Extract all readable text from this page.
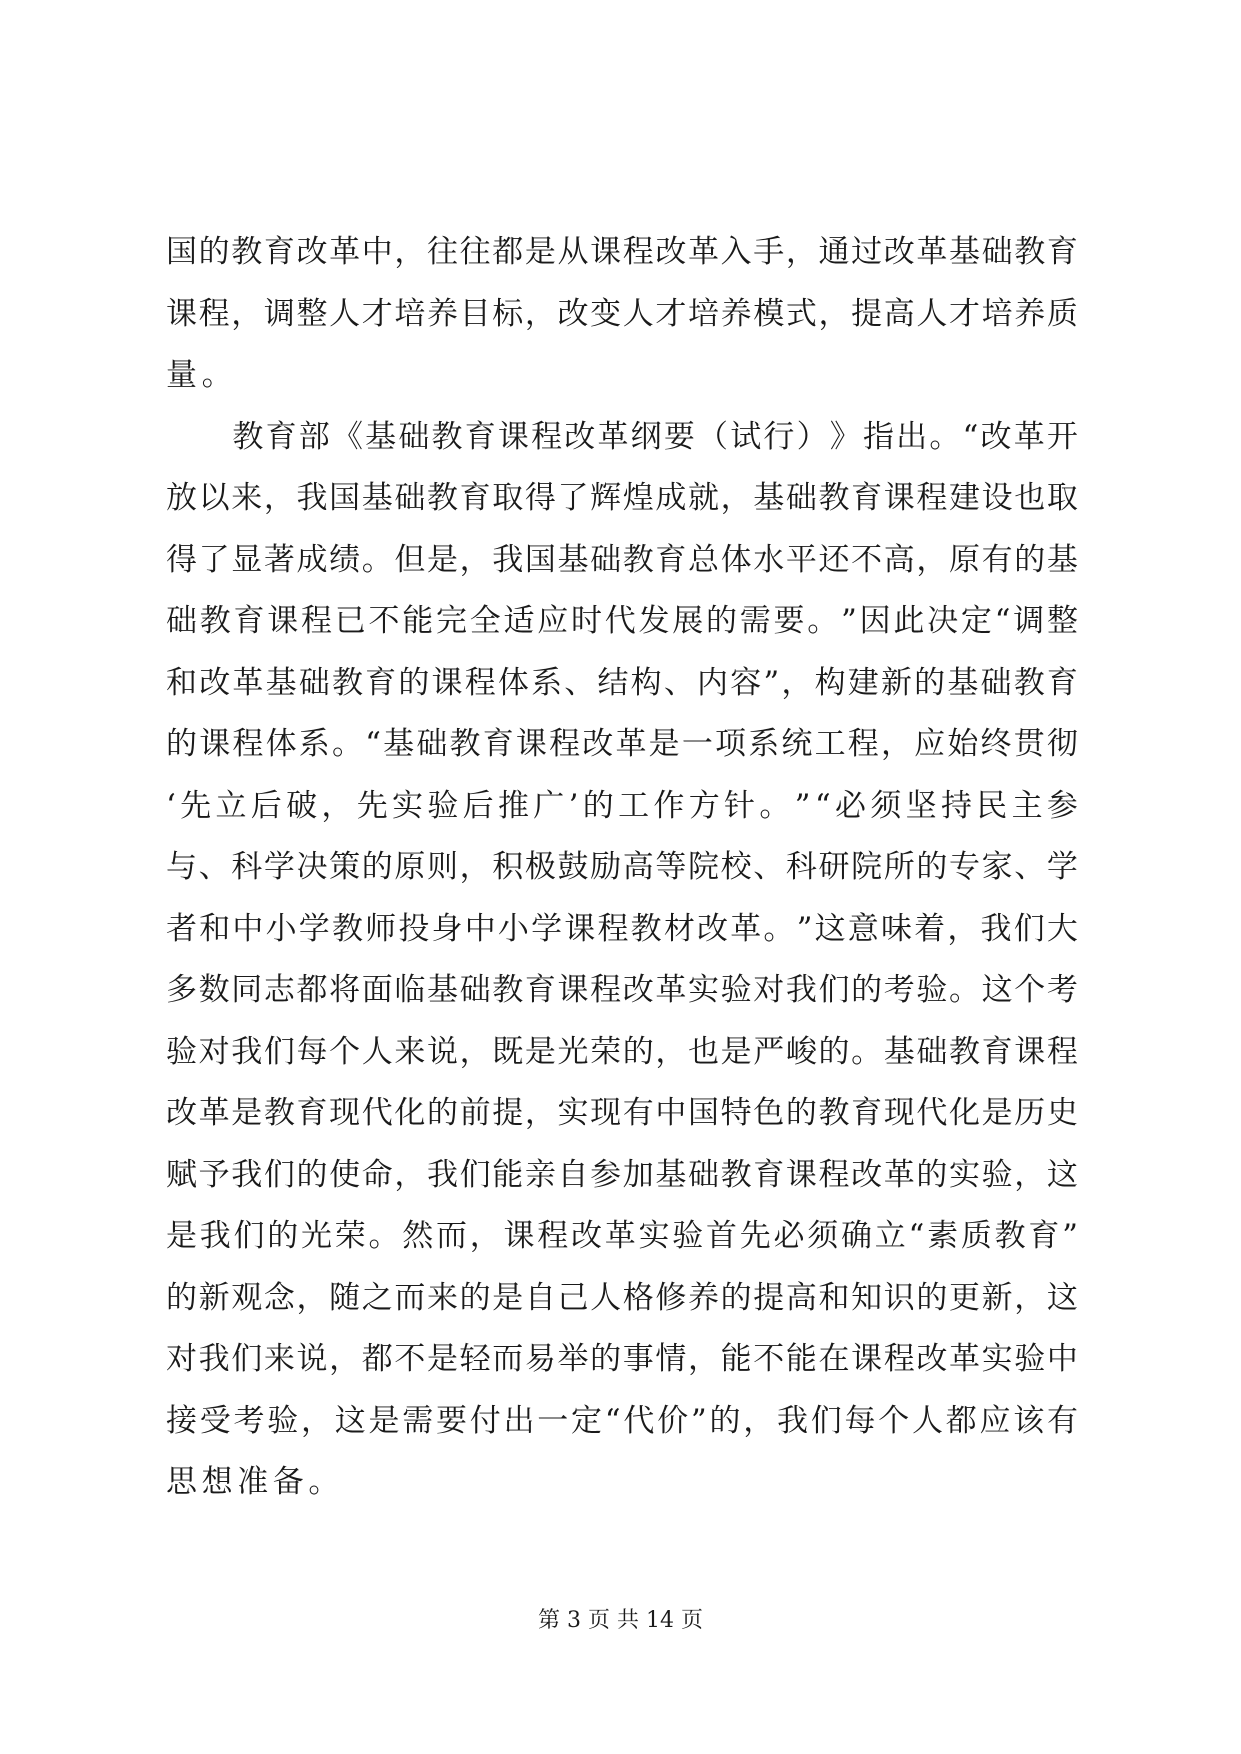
国 的 教 育 改 革 中 ， 往 往 都 是 从 课 程 改 革 入 手 ， 通 过 改 革 基 础 教 育
课 程 ， 调 整 人 才 培 养 目 标 ， 改 变 人 才 培 养 模 式 ， 提 高 人 才 培 养 质
量。

教 育 部 《 基 础 教 育 课 程 改 革 纲 要 （ 试 行 ） 》 指 出 。 “ 改 革 开
放 以 来 ， 我 国 基 础 教 育 取 得 了 辉 煌 成 就 ， 基 础 教 育 课 程 建 设 也 取
得 了 显 著 成 绩 。 但 是 ， 我 国 基 础 教 育 总 体 水 平 还 不 高 ， 原 有 的 基
础 教 育 课 程 已 不 能 完 全 适 应 时 代 发 展 的 需 要 。 ” 因 此 决 定 “ 调 整
和 改 革 基 础 教 育 的 课 程 体 系 、 结 构 、 内 容 ” ， 构 建 新 的 基 础 教 育
的 课 程 体 系 。 “ 基 础 教 育 课 程 改 革 是 一 项 系 统 工 程 ， 应 始 终 贯 彻
‘ 先 立 后 破 ， 先 实 验 后 推 广 ’ 的 工 作 方 针 。 ” “ 必 须 坚 持 民 主 参
与 、 科 学 决 策 的 原 则 ， 积 极 鼓 励 高 等 院 校 、 科 研 院 所 的 专 家 、 学
者 和 中 小 学 教 师 投 身 中 小 学 课 程 教 材 改 革 。 ” 这 意 味 着 ， 我 们 大
多 数 同 志 都 将 面 临 基 础 教 育 课 程 改 革 实 验 对 我 们 的 考 验 。 这 个 考
验 对 我 们 每 个 人 来 说 ， 既 是 光 荣 的 ， 也 是 严 峻 的 。 基 础 教 育 课 程
改 革 是 教 育 现 代 化 的 前 提 ， 实 现 有 中 国 特 色 的 教 育 现 代 化 是 历 史
赋 予 我 们 的 使 命 ， 我 们 能 亲 自 参 加 基 础 教 育 课 程 改 革 的 实 验 ， 这
是 我 们 的 光 荣 。 然 而 ， 课 程 改 革 实 验 首 先 必 须 确 立 “ 素 质 教 育 ”
的 新 观 念 ， 随 之 而 来 的 是 自 己 人 格 修 养 的 提 高 和 知 识 的 更 新 ， 这
对 我 们 来 说 ， 都 不 是 轻 而 易 举 的 事 情 ， 能 不 能 在 课 程 改 革 实 验 中
接 受 考 验 ， 这 是 需 要 付 出 一 定 “ 代 价 ” 的 ， 我 们 每 个 人 都 应 该 有
思想准备。
第 3 页 共 14 页
